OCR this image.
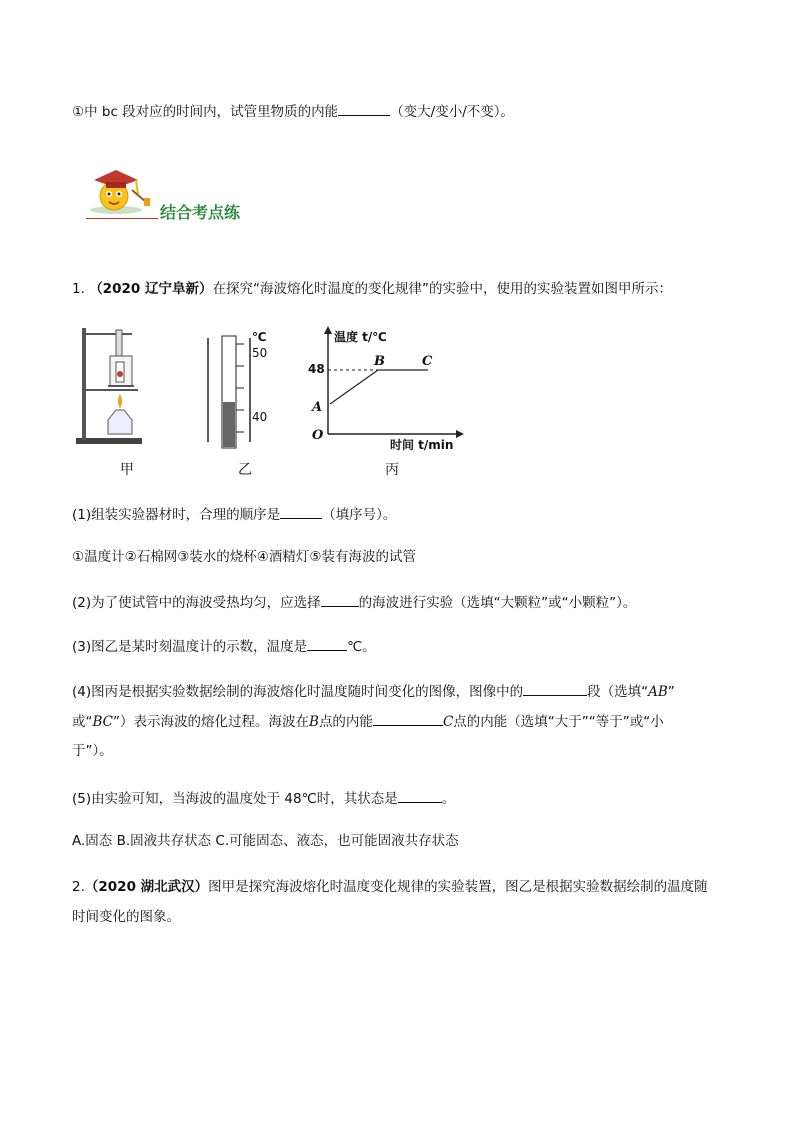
①中 bc 段对应的时间内，试管里物质的内能	（变大/变小/不变）。
结合考点练
1. （2020 辽宁阜新）在探究“海波熔化时温度的变化规律”的实验中，使用的实验装置如图甲所示：
甲
℃
50
40
乙
温度 t/℃
时间 t/min
48
A
B	C
O
丙
(1)组装实验器材时，合理的顺序是	（填序号）。
①温度计②石棉网③装水的烧杯④酒精灯⑤装有海波的试管
(2)为了使试管中的海波受热均匀，应选择	的海波进行实验（选填“大颗粒”或“小颗粒”）。
(3)图乙是某时刻温度计的示数，温度是	℃。
(4)图丙是根据实验数据绘制的海波熔化时温度随时间变化的图像，图像中的	段（选填“AB”
或“BC”）表示海波的熔化过程。海波在B点的内能	C点的内能（选填“大于”“等于”或“小
于”）。
(5)由实验可知，当海波的温度处于 48℃时，其状态是	。
A.固态 B.固液共存状态 C.可能固态、液态，也可能固液共存状态
2.（2020 湖北武汉）图甲是探究海波熔化时温度变化规律的实验装置，图乙是根据实验数据绘制的温度随
时间变化的图象。
